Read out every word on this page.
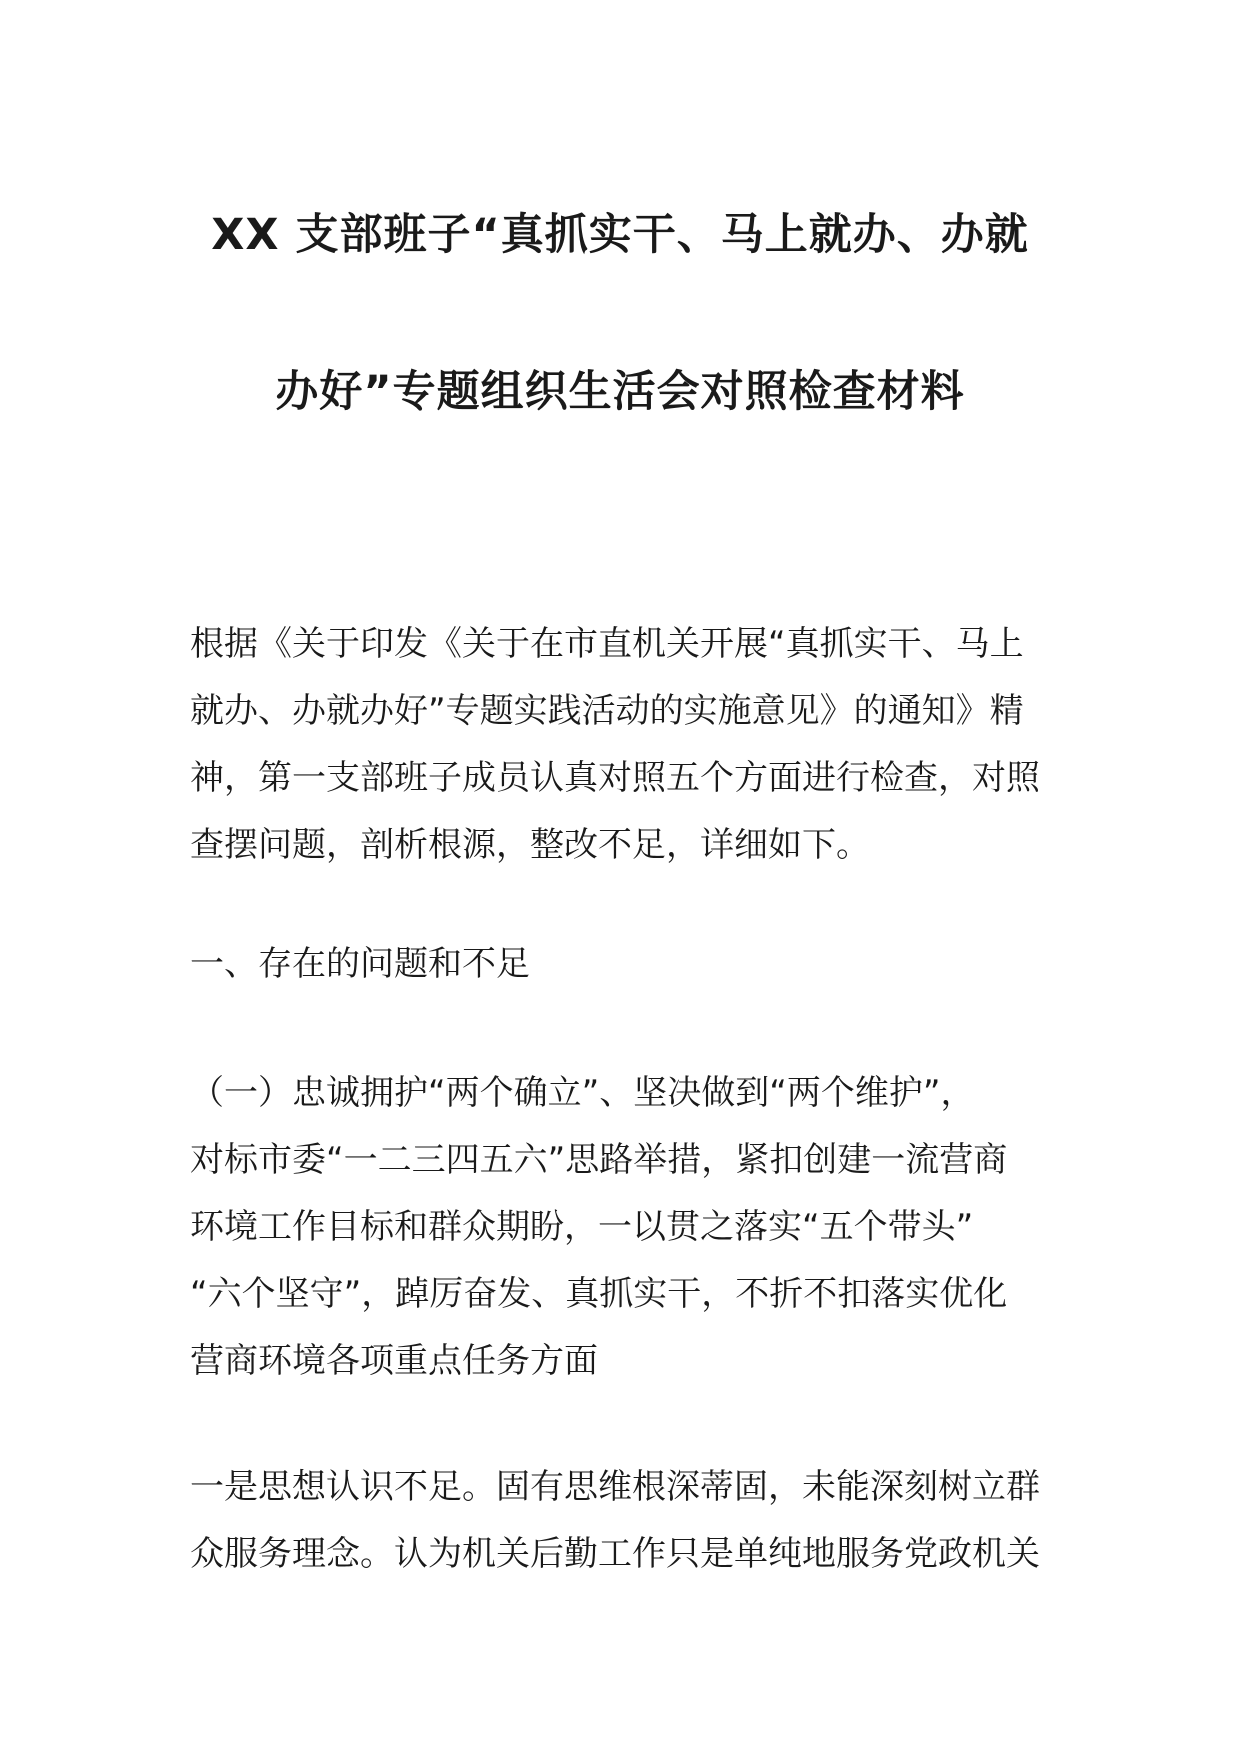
XX 支部班子“真抓实干、马上就办、办就
办好”专题组织生活会对照检查材料
根据《关于印发《关于在市直机关开展“真抓实干、马上
就办、办就办好”专题实践活动的实施意见》的通知》精
神，第一支部班子成员认真对照五个方面进行检查，对照
查摆问题，剖析根源，整改不足，详细如下。
一、存在的问题和不足
（一）忠诚拥护“两个确立”、坚决做到“两个维护”，
对标市委“一二三四五六”思路举措，紧扣创建一流营商
环境工作目标和群众期盼，一以贯之落实“五个带头”
“六个坚守”，踔厉奋发、真抓实干，不折不扣落实优化
营商环境各项重点任务方面
一是思想认识不足。固有思维根深蒂固，未能深刻树立群
众服务理念。认为机关后勤工作只是单纯地服务党政机关
